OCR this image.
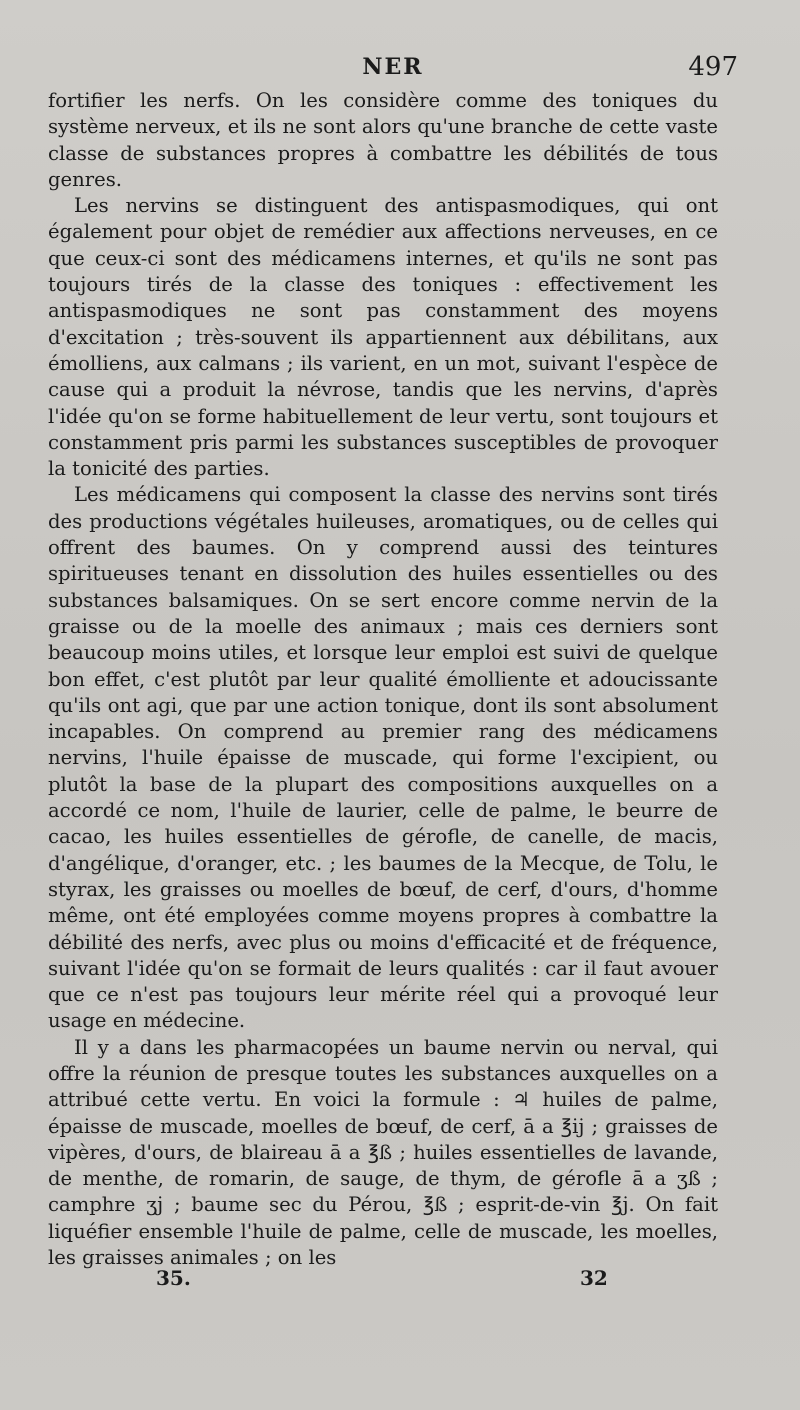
NER	497

fortifier les nerfs. On les considère comme des toniques du système nerveux, et ils ne sont alors qu'une branche de cette vaste classe de substances propres à combattre les débilités de tous genres.

Les nervins se distinguent des antispasmodiques, qui ont également pour objet de remédier aux affections nerveuses, en ce que ceux-ci sont des médicamens internes, et qu'ils ne sont pas toujours tirés de la classe des toniques : effectivement les antispasmodiques ne sont pas constamment des moyens d'excitation ; très-souvent ils appartiennent aux débilitans, aux émolliens, aux calmans ; ils varient, en un mot, suivant l'espèce de cause qui a produit la névrose, tandis que les nervins, d'après l'idée qu'on se forme habituellement de leur vertu, sont toujours et constamment pris parmi les substances susceptibles de provoquer la tonicité des parties.

Les médicamens qui composent la classe des nervins sont tirés des productions végétales huileuses, aromatiques, ou de celles qui offrent des baumes. On y comprend aussi des teintures spiritueuses tenant en dissolution des huiles essentielles ou des substances balsamiques. On se sert encore comme nervin de la graisse ou de la moelle des animaux ; mais ces derniers sont beaucoup moins utiles, et lorsque leur emploi est suivi de quelque bon effet, c'est plutôt par leur qualité émolliente et adoucissante qu'ils ont agi, que par une action tonique, dont ils sont absolument incapables. On comprend au premier rang des médicamens nervins, l'huile épaisse de muscade, qui forme l'excipient, ou plutôt la base de la plupart des compositions auxquelles on a accordé ce nom, l'huile de laurier, celle de palme, le beurre de cacao, les huiles essentielles de gérofle, de canelle, de macis, d'angélique, d'oranger, etc. ; les baumes de la Mecque, de Tolu, le styrax, les graisses ou moelles de bœuf, de cerf, d'ours, d'homme même, ont été employées comme moyens propres à combattre la débilité des nerfs, avec plus ou moins d'efficacité et de fréquence, suivant l'idée qu'on se formait de leurs qualités : car il faut avouer que ce n'est pas toujours leur mérite réel qui a provoqué leur usage en médecine.

Il y a dans les pharmacopées un baume nervin ou nerval, qui offre la réunion de presque toutes les substances auxquelles on a attribué cette vertu. En voici la formule : ♃ huiles de palme, épaisse de muscade, moelles de bœuf, de cerf, ā a ℥ij ; graisses de vipères, d'ours, de blaireau ā a ℥ß ; huiles essentielles de lavande, de menthe, de romarin, de sauge, de thym, de gérofle ā a ʒß ; camphre ʒj ; baume sec du Pérou, ℥ß ; esprit-de-vin ℥j. On fait liquéfier ensemble l'huile de palme, celle de muscade, les moelles, les graisses animales ; on les

35.	32
